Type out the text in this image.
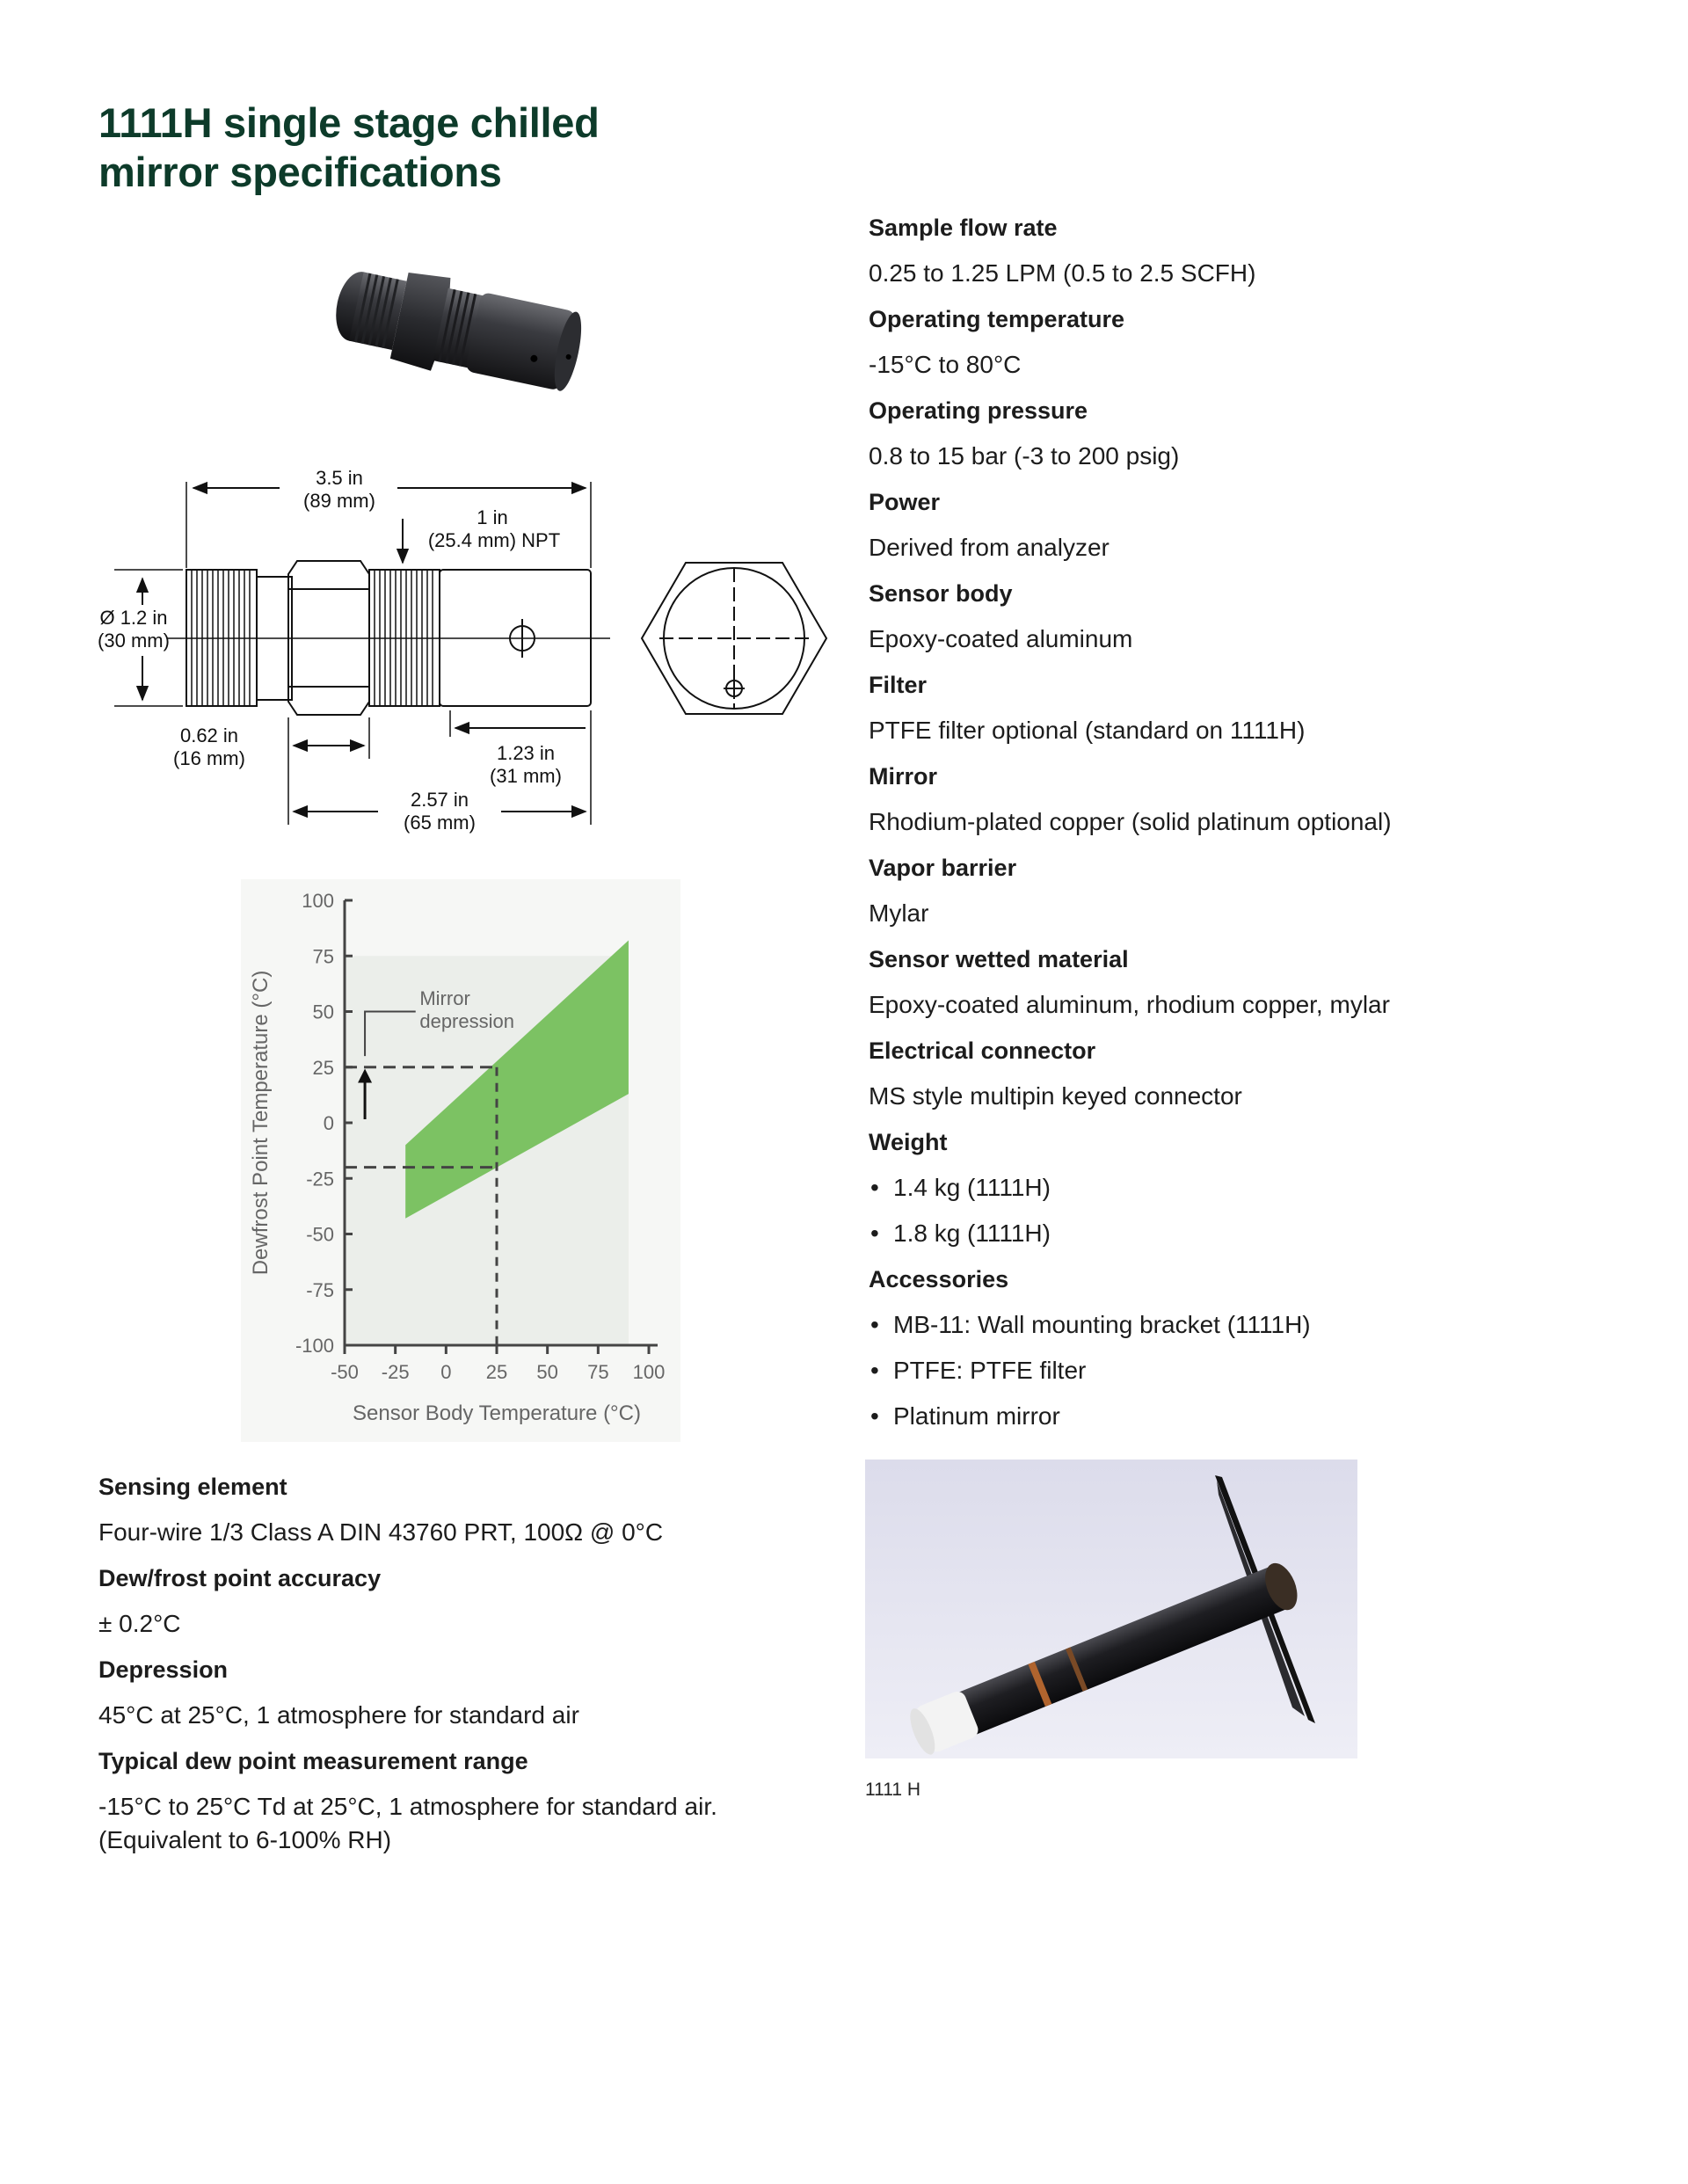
1111H single stage chilled
mirror specifications
3.5 in
(89 mm)
1 in
(25.4 mm) NPT
Ø 1.2 in
(30 mm)
0.62 in
(16 mm)	1.23 in
(31 mm)
2.57 in
(65 mm)
100
75
50
25
0
-25
-50
-75
-100
-50 -25 0 25 50 75 100
Sensor Body Temperature (°C)
Dewfrost Point Temperature (°C)	Mirror
depression
Sample flow rate
0.25 to 1.25 LPM (0.5 to 2.5 SCFH)
Operating temperature
-15°C to 80°C
Operating pressure
0.8 to 15 bar (-3 to 200 psig)
Power
Derived from analyzer
Sensor body
Epoxy-coated aluminum
Filter
PTFE filter optional (standard on 1111H)
Mirror
Rhodium-plated copper (solid platinum optional)
Vapor barrier
Mylar
Sensor wetted material
Epoxy-coated aluminum, rhodium copper, mylar
Electrical connector
MS style multipin keyed connector
Weight
• 1.4 kg (1111H)
• 1.8 kg (1111H)
Accessories
• MB-11: Wall mounting bracket (1111H)
• PTFE: PTFE filter
• Platinum mirror
Sensing element
Four-wire 1/3 Class A DIN 43760 PRT, 100Ω @ 0°C
Dew/frost point accuracy
± 0.2°C
Depression
45°C at 25°C, 1 atmosphere for standard air
Typical dew point measurement range
-15°C to 25°C Td at 25°C, 1 atmosphere for standard air. (Equivalent to 6-100% RH)
1111 H
